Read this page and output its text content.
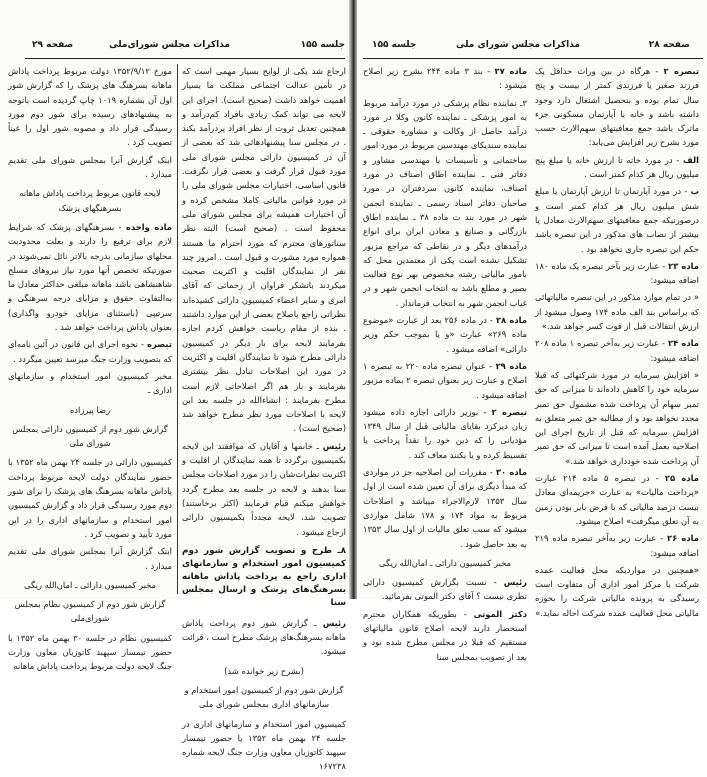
جلسه ۱۵۵
مذاکرات مجلس شورای‌ملی
صفحه ۲۹
ارجاع شد یکی از لوایح بسیار مهمی است که در تأمین عدالت اجتماعی مملکت ما بسیار اهمیت خواهد داشت (صحیح است). اجرای این لایحه می تواند کمک زیادی بافراد کم‌درآمد و همچنین تعدیل ثروت از نظر افراد پردرآمد بکند . در مجلس سنا پیشنهادهائی شد که بعضی از آن در کمیسیون دارائی مجلس شورای ملی مورد قبول قرار گرفت و بعضی قرار نگرفت. قانون اساسی، اختیارات مجلس شورای ملی را در مورد قوانین مالیاتی کاملا مشخص کرده و آن اختیارات همیشه برای مجلس شورای ملی محفوظ است . (صحیح است) البته نظر سناتورهای محترم که مورد احترام ما هستند همواره مورد مشورت و قبول است . امروز چند نفر از نمایندگان اقلیت و اکثریت صحبت میکردند باتشکر فراوان از زحماتی که آقای امری و سایر اعضاء کمیسیون دارائی کشیده‌اند نظراتی راجع باصلاح بعضی از این موارد داشتند . بنده از مقام ریاست خواهش کردم اجازه بفرمایند لایحه برای بار دیگر در کمیسیون دارائی مطرح شود تا نمایندگان اقلیت و اکثریت در مورد این اصلاحات تبادل نظر بیشتری بفرمایند و باز هم اگر اصلاحاتی لازم است مطرح بفرمایند : انشاءالله در جلسه بعد این لایحه با اصلاحات مورد نظر مطرح خواهد شد (صحیح است) .
رئیس ـ خانمها و آقایان که موافقند این لایحه بکمیسیون برگردد تا همه نمایندگان از اقلیت و اکثریت نظرات‌شان را در مورد اصلاحات مجلس سنا بدهند و لایحه در جلسه بعد مطرح گردد خواهش میکنم قیام فرمایند (اکثر برخاستند) تصویب شد، لایحه مجدداً بکمیسیون دارائی ارجاع میشود .
۸ـ طرح و تصویب گزارش شور دوم کمیسیون امور استخدام و سازمانهای اداری راجع به پرداخت پاداش ماهانه بسرهنگ‌های پزشک و ارسال بمجلس سنا
رئیس ـ گزارش شور دوم پرداخت پاداش ماهانه بسرهنگ‌های پزشک مطرح است ، قرائت میشود.
(بشرح زیر خوانده شد)
گزارش شور دوم از کمیسیون امور استخدام و سازمانهای اداری بمجلس شورای ملی
کمیسیون امور استخدام و سازمانهای اداری در جلسه ۲۴ بهمن ماه ۱۳۵۲ با حضور تیمسار سپهبد کاتوزیان معاون وزارت جنگ لایحه شماره ۱۶۷۲۳۸
مورخ ۱۳۵۲/۹/۱۲ دولت مربوط پرداخت پاداش ماهانه بسرهنگ های پزشک را که گزارش شور اول آن بشماره ۱۰۱۹ چاپ گردیده است باتوجه به پیشنهادهای رسیده برای شور دوم مورد رسیدگی قرار داد و مصوبه شور اول را عیناً تصویب کرد .
اینک گزارش آنرا بمجلس شورای ملی تقدیم میدارد .
لایحه قانون مربوط پرداخت پاداش ماهانه بسرهنگهای پزشک
ماده واحده - بسرهنگهای پزشک که شرایط لازم برای ترفیع را دارند و بعلت محدودیت محلهای سازمانی بدرجه بالاتر نائل نمی‌شوند در صورتیکه تخصص آنها مورد نیاز نیروهای مسلح شاهنشاهی باشد ماهانه مبلغی حداکثر معادل ما به‌التفاوت حقوق و مزایای درجه سرهنگی و سرتیپی (باستثنای مزایای خودرو واگذاری) بعنوان پاداش پرداخت خواهد شد .
تبصره - نحوه اجرای این قانون در آئین نامه‌ای که بتصویب وزارت جنگ میرسد تعیین میگردد .
مخبر کمیسیون امور استخدام و سازمانهای اداری ـ
رضا پیرزاده
گزارش شور دوم از کمیسیون دارائی بمجلس شورای ملی
کمیسیون دارائی در جلسه ۲۴ بهمن ماه ۱۳۵۲ با حضور نمایندگان دولت لایحه مربوط پرداخت پاداش ماهانه بسرهنگ های پزشک را برای شور دوم مورد رسیدگی قرار داد و گزارش کمیسیون امور استخدام و سازمانهای اداری را در این مورد تأیید و تصویب کرد .
اینک گزارش آنرا بمجلس شورای ملی تقدیم میدارد .
مخبر کمیسیون دارائی ـ امان‌الله ریگی
گزارش شور دوم از کمیسیون نظام بمجلس شورای‌ملی
کمیسیون نظام در جلسه ۳۰ بهمن ماه ۱۳۵۲ با حضور تیمسار سپهبد کاتوزیان معاون وزارت جنگ لایحه دولت مربوط پرداخت پاداش ماهانه
صفحه ۲۸
مذاکرات مجلس شورای ملی
جلسه ۱۵۵
تبصره ۲ - هرگاه در بین وراث حداقل یک فرزند صغیر یا فرزندی کمتر از بیست و پنج سال تمام بوده و بتحصیل اشتغال دارد وجود داشته باشد و خانه یا آپارتمان مسکونی جزء ماترک باشد جمع معافیتهای سهم‌الارث حسب مورد بشرح زیر افزایش می‌یابد:
الف - در مورد خانه تا ارزش خانه یا مبلغ پنج میلیون ریال هر کدام کمتر است .
ب - در مورد آپارتمان تا ارزش آپارتمان یا مبلغ شش میلیون ریال هر کدام کمتر است و درصورتیکه جمع معافیتهای سهم‌الارث معادل یا بیشتر از نصاب های مذکور در این تبصره باشد حکم این تبصره جاری نخواهد بود .
ماده ۲۳ - عبارت زیر بآخر تبصره یک ماده ۱۸۰ اضافه میشود:
« در تمام موارد مذکور در این تبصره مالیاتهائی که براساس بند الف ماده ۱۷۴ وصول میشود از ارزش انتقالات قبل از فوت کسر خواهد شد.»
ماده ۲۴ - عبارت زیر به‌آخر تبصره ۱ ماده ۲۰۸ اضافه میشود:
« افزایش سرمایه در مورد شرکتهائی که قبلا سرمایه خود را کاهش داده‌اند تا میزانی که حق تمبر سهام آن پرداخت شده مشمول حق تمبر مجدد نخواهد بود و از مطالبه حق تمبر متعلق به افزایش سرمایه که قبل از تاریخ اجرای این اصلاحیه بعمل آمده است تا میزانی که حق تمبر آن پرداخت شده خودداری خواهد شد.»
ماده ۲۵ - در تبصره ۵ ماده ۲۱۴ عبارت «پرداخت مالیات» به عبارت «جریمه‌ای معادل بیست درصد مالیاتی که با فرض بایر بودن زمین به آن تعلق میگرفت» اصلاح میشود.
ماده ۲۶ - عبارت زیر به‌آخر تبصره ماده ۲۱۹ اضافه میشود:
«همچنین در مواردیکه محل فعالیت عمده شرکت با مرکز امور اداری آن متفاوت است رسیدگی به پرونده مالیاتی شرکت را بحوزه مالیاتی محل فعالیت عمده شرکت احاله نماید.»
ماده ۲۷ - بند ۳ ماده ۲۴۴ بشرح زیر اصلاح میشود :
۳ـ نماینده نظام پزشکی در مورد درآمد مربوط به امور پزشکی ـ نماینده کانون وکلا در مورد درآمد حاصل از وکالت و مشاوره حقوقی ـ نماینده سندیکای مهندسین مربوط در مورد امور ساختمانی و تأسیسات با مهندسی مشاور و دفاتر فنی ـ نماینده اطاق اصناف در مورد اصناف، نماینده کانون سردفتران در مورد صاحبان دفاتر اسناد رسمی ـ نماینده انجمن شهر در مورد بند ت ماده ۳۸ ـ نماینده اطاق بازرگانی و صنایع و معادن ایران برای انواع درآمدهای دیگر و در نقاطی که مراجع مزبور تشکیل نشده است یکی از معتمدین محل که بامور مالیاتی رشته مخصوص بهر نوع فعالیت بصیر و مطلع باشد به انتخاب انجمن شهر و در غیاب انجمن شهر به انتخاب فرماندار .
ماده ۲۸ - در ماده ۲۵۶ بعد از عبارت «موضوع ماده ۲۶۹» عبارت «و یا بموجب حکم وزیر دارائی» اضافه میشود .
ماده ۲۹ - عنوان تبصره ماده ۲۲۰ به تبصره ۱ اصلاح و عبارت زیر بعنوان تبصره ۲ بماده مزبور اضافه میشود .
تبصره ۲ - بوزیر دارائی اجازه داده میشود زیان دیرکرد بقایای مالیاتی قبل از سال ۱۳۴۹ مؤدیانی را که دین خود را نقداً پرداخت یا تقسیط کرده و یا بکنند معاف کند .
ماده ۳۰ - مقررات این اصلاحیه جز در مواردی که مبدأ دیگری برای آن تعیین شده است از اول سال ۱۳۵۳ لازم‌الاجراء میباشد و اصلاحات مربوط به مواد ۱۷۴ و ۱۷۸ شامل مواردی میشود که سبب تعلق مالیات از اول سال ۱۳۵۳ به بعد حاصل شود .
مخبر کمیسیون دارائی ـ امان‌الله ریگی
رئیس - نسبت بگزارش کمیسیون دارائی نظری نیست ؟ آقای دکتر الموتی بفرمائید.
دکتر الموتی - بطوریکه همکاران محترم استحضار دارند لایحه اصلاح قانون مالیاتهای مستقیم که قبلا در مجلس مطرح شده بود و بعد از تصویب بمجلس سنا
